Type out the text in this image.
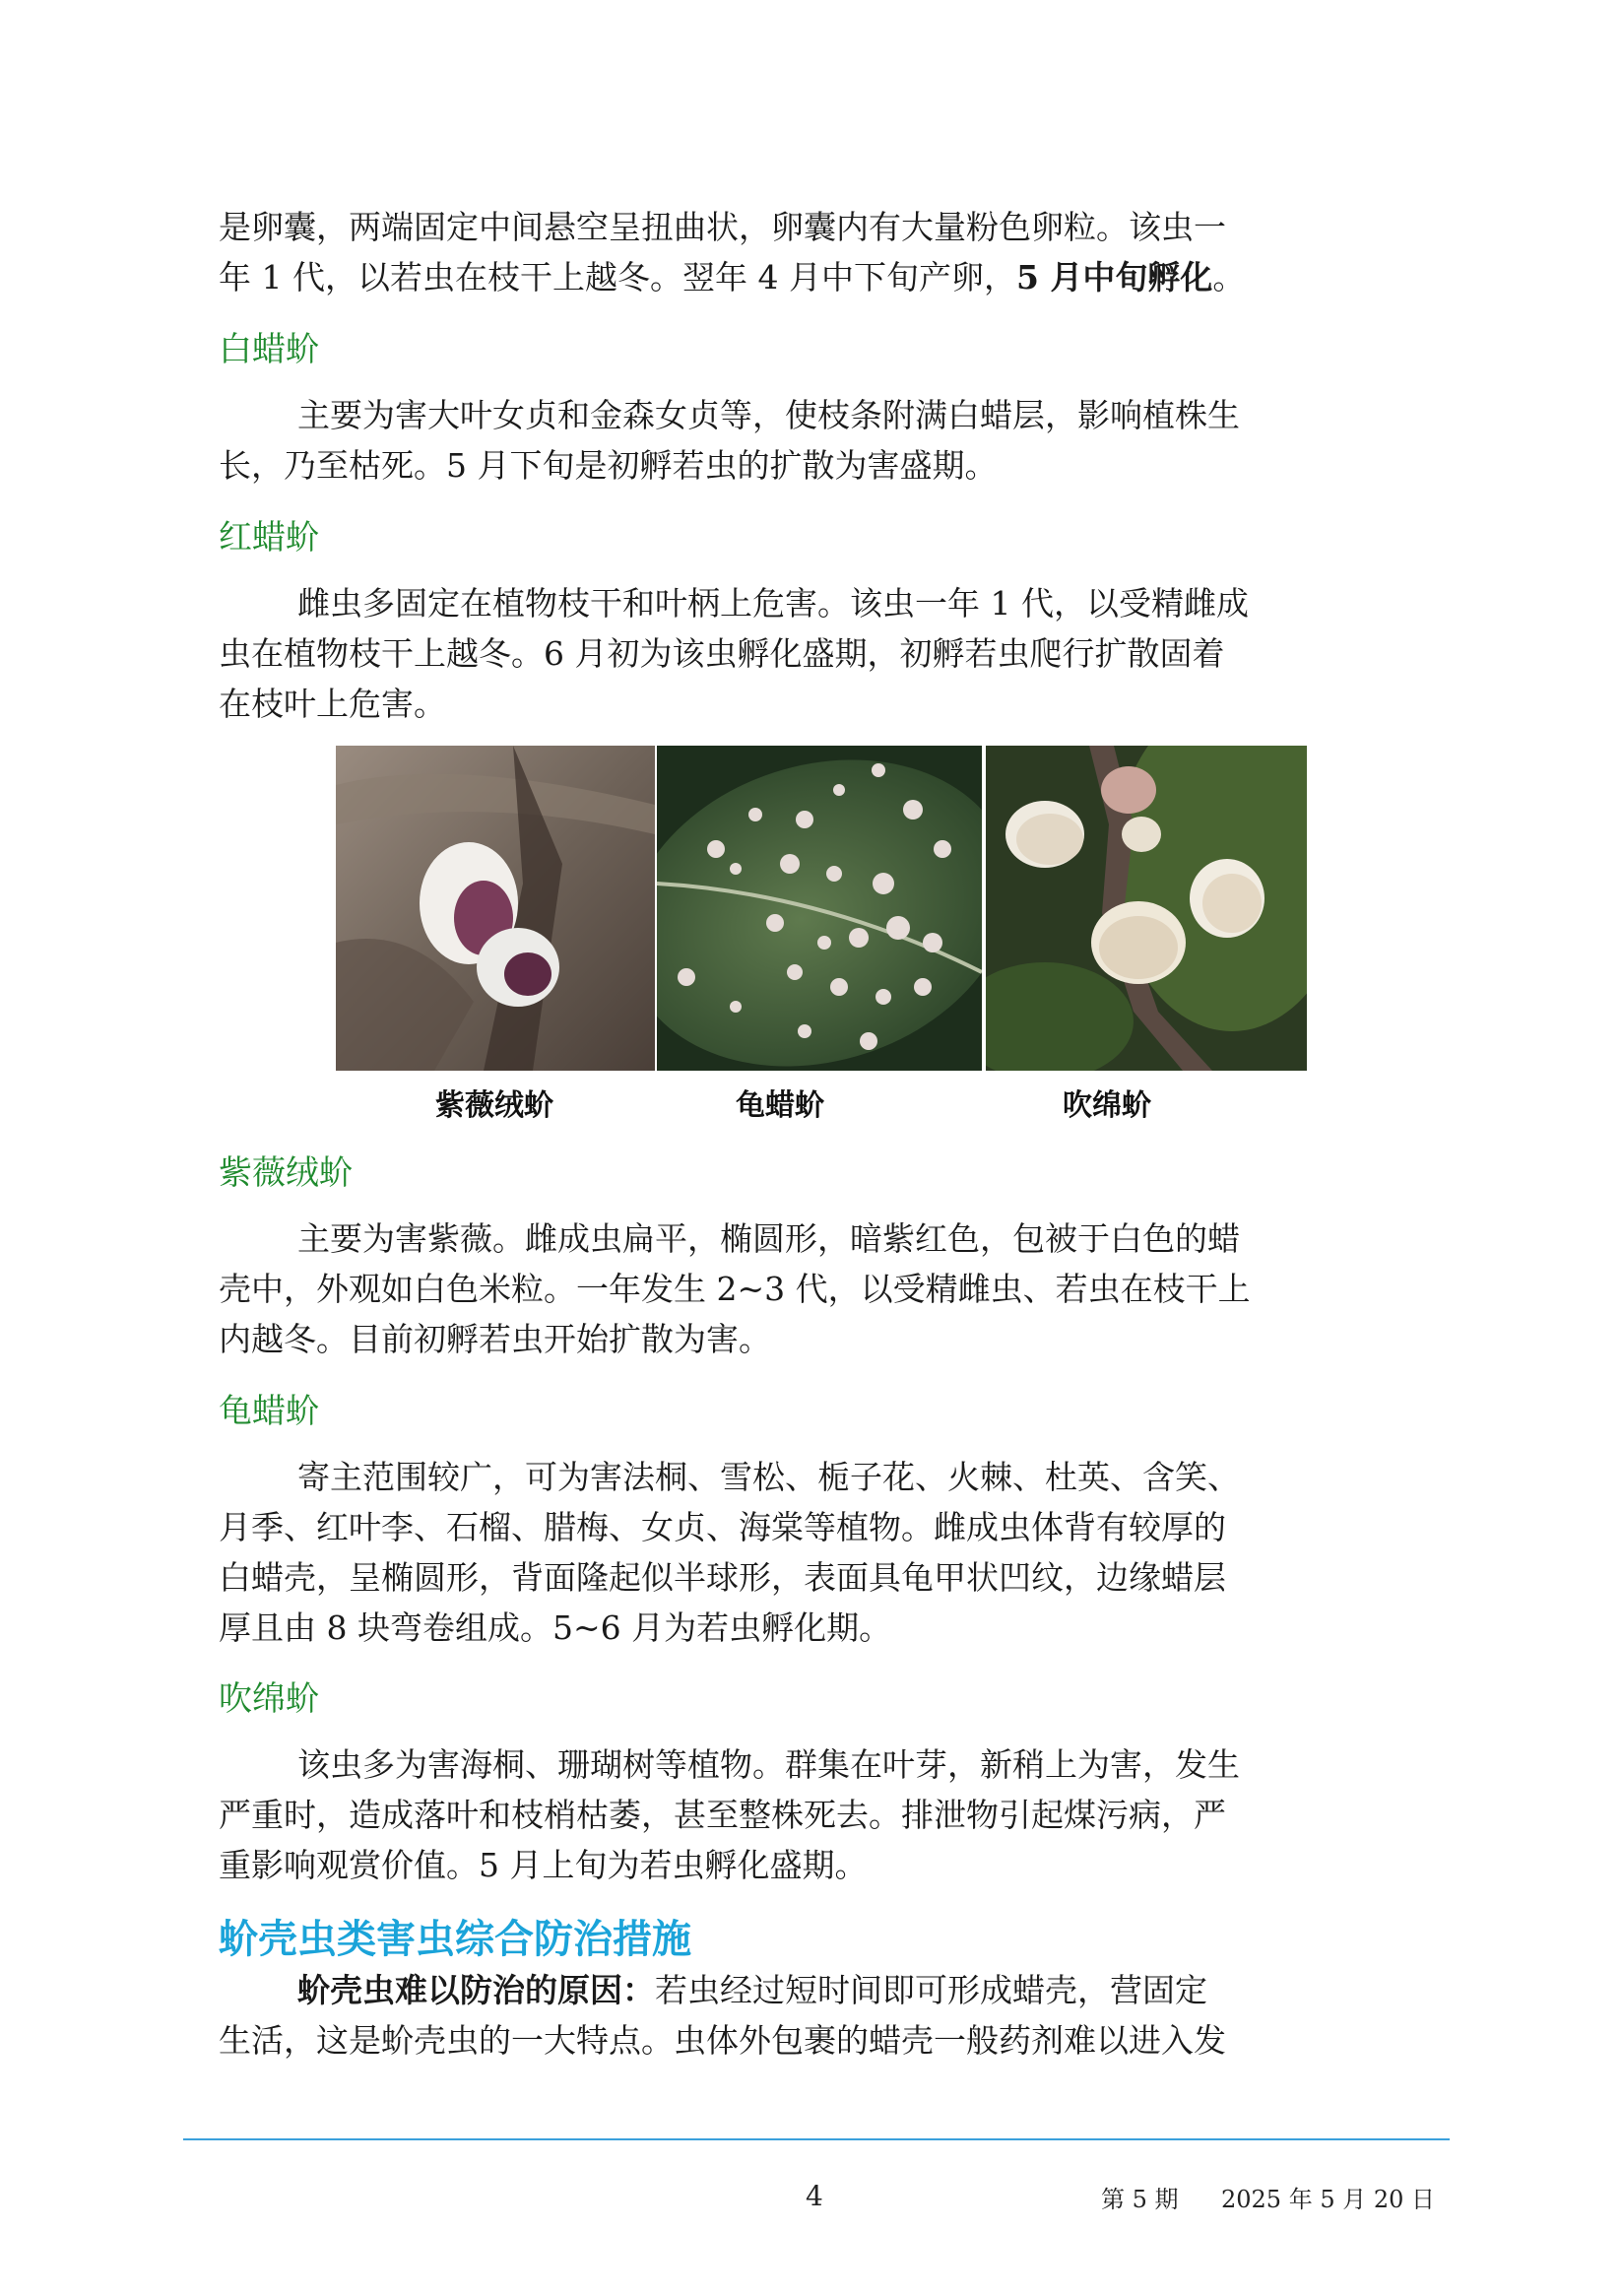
是卵囊，两端固定中间悬空呈扭曲状，卵囊内有大量粉色卵粒。该虫一
年 1 代，以若虫在枝干上越冬。翌年 4 月中下旬产卵，5 月中旬孵化。

白蜡蚧

主要为害大叶女贞和金森女贞等，使枝条附满白蜡层，影响植株生
长，乃至枯死。5 月下旬是初孵若虫的扩散为害盛期。

红蜡蚧

雌虫多固定在植物枝干和叶柄上危害。该虫一年 1 代，以受精雌成
虫在植物枝干上越冬。6 月初为该虫孵化盛期，初孵若虫爬行扩散固着
在枝叶上危害。

紫薇绒蚧	龟蜡蚧	吹绵蚧
紫薇绒蚧

主要为害紫薇。雌成虫扁平，椭圆形，暗紫红色，包被于白色的蜡
壳中，外观如白色米粒。一年发生 2~3 代，以受精雌虫、若虫在枝干上
内越冬。目前初孵若虫开始扩散为害。

龟蜡蚧

寄主范围较广，可为害法桐、雪松、栀子花、火棘、杜英、含笑、
月季、红叶李、石榴、腊梅、女贞、海棠等植物。雌成虫体背有较厚的
白蜡壳，呈椭圆形，背面隆起似半球形，表面具龟甲状凹纹，边缘蜡层
厚且由 8 块弯卷组成。5~6 月为若虫孵化期。

吹绵蚧

该虫多为害海桐、珊瑚树等植物。群集在叶芽，新稍上为害，发生
严重时，造成落叶和枝梢枯萎，甚至整株死去。排泄物引起煤污病，严
重影响观赏价值。5 月上旬为若虫孵化盛期。

蚧壳虫类害虫综合防治措施

蚧壳虫难以防治的原因：若虫经过短时间即可形成蜡壳，营固定
生活，这是蚧壳虫的一大特点。虫体外包裹的蜡壳一般药剂难以进入发

4	第 5 期 2025 年 5 月 20 日
